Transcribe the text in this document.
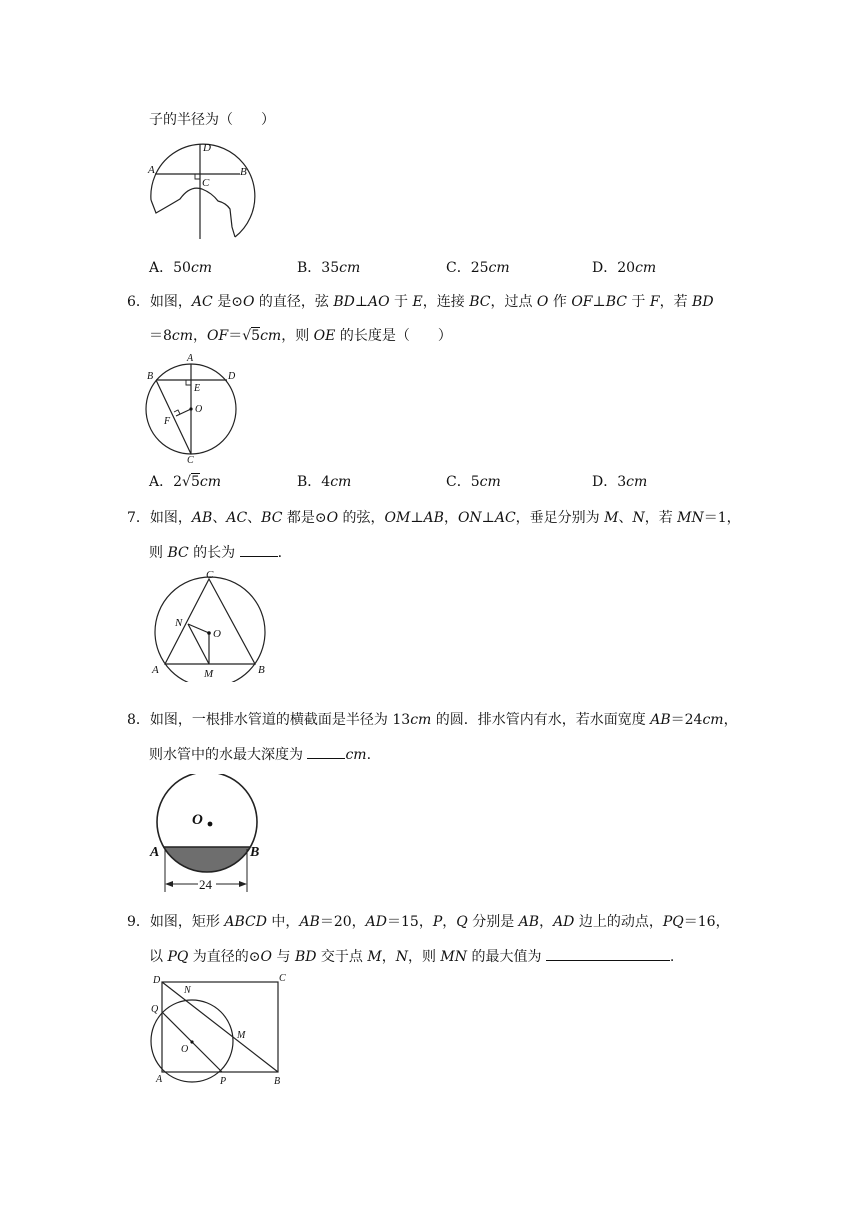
子的半径为（　　）
D
A	B
C
A．50cm	B．35cm	C．25cm	D．20cm
6．如图，AC 是⊙O 的直径，弦 BD⊥AO 于 E，连接 BC，过点 O 作 OF⊥BC 于 F，若 BD
＝8cm，OF＝√5cm，则 OE 的长度是（　　）
A
B	D
E
O
F
C
A．2√5cm	B．4cm	C．5cm	D．3cm
7．如图，AB、AC、BC 都是⊙O 的弦，OM⊥AB，ON⊥AC，垂足分别为 M、N，若 MN＝1，
则 BC 的长为	.
C
N
O
A	M	B
8．如图，一根排水管道的横截面是半径为 13cm 的圆．排水管内有水，若水面宽度 AB＝24cm，
则水管中的水最大深度为	cm.
O
A	B
24
9．如图，矩形 ABCD 中，AB＝20，AD＝15，P，Q 分别是 AB，AD 边上的动点，PQ＝16，
以 PQ 为直径的⊙O 与 BD 交于点 M，N，则 MN 的最大值为	.
D	C
N
Q
M
O
A	P	B
